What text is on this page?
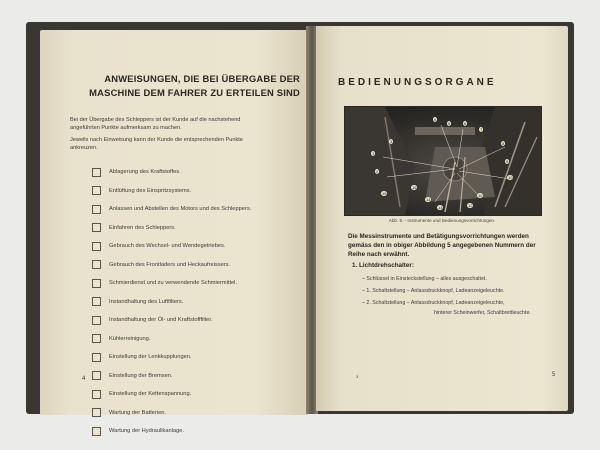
ANWEISUNGEN, DIE BEI ÜBERGABE DER
MASCHINE DEM FAHRER ZU ERTEILEN SIND
Bei der Übergabe des Schleppers ist der Kunde auf die nachstehend
angeführten Punkte aufmerksam zu machen.
Jeweils nach Einweisung kann der Kunde die entsprechenden Punkte
ankreuzen.
Ablagerung des Kraftstoffes.
Entlüftung des Einspritzsystems.
Anlassen und Abstellen des Motors und des Schleppers.
Einfahren des Schleppers.
Gebrauch des Wechsel- und Wendegetriebes.
Gebrauch des Frontladers und Heckaufreissers.
Schmierdienst und zu verwendende Schmiermittel.
Instandhaltung des Luftfilters.
Instandhaltung der Öl- und Kraftstofffilter.
Kühlerreinigung.
Einstellung der Lenkkupplungen.
Einstellung der Bremsen.
Einstellung der Kettenspannung.
Wartung der Batterien.
Wartung der Hydraulikanlage.
4
BEDIENUNGSORGANE
1
2
3
4
5	6
7
8
9
10
11
12
13
14
15
16
Abb. 5. - Instrumente und Bedienungsvorrichtungen.
Die Messinstrumente und Betätigungsvorrichtungen werden
gemäss den in obiger Abbildung 5 angegebenen Nummern der
Reihe nach erwähnt.
1. Lichtdrehschalter:
– Schlüssel in Einsteckstellung – alles ausgeschaltet.
– 1. Schaltstellung – Anlassdruckknopf, Ladeanzeigeleuchte.
– 2. Schaltstellung – Anlassdruckknopf, Ladeanzeigeleuchte,
hinterer Scheinwerfer, Schaltbrettleuchte.
3	5
